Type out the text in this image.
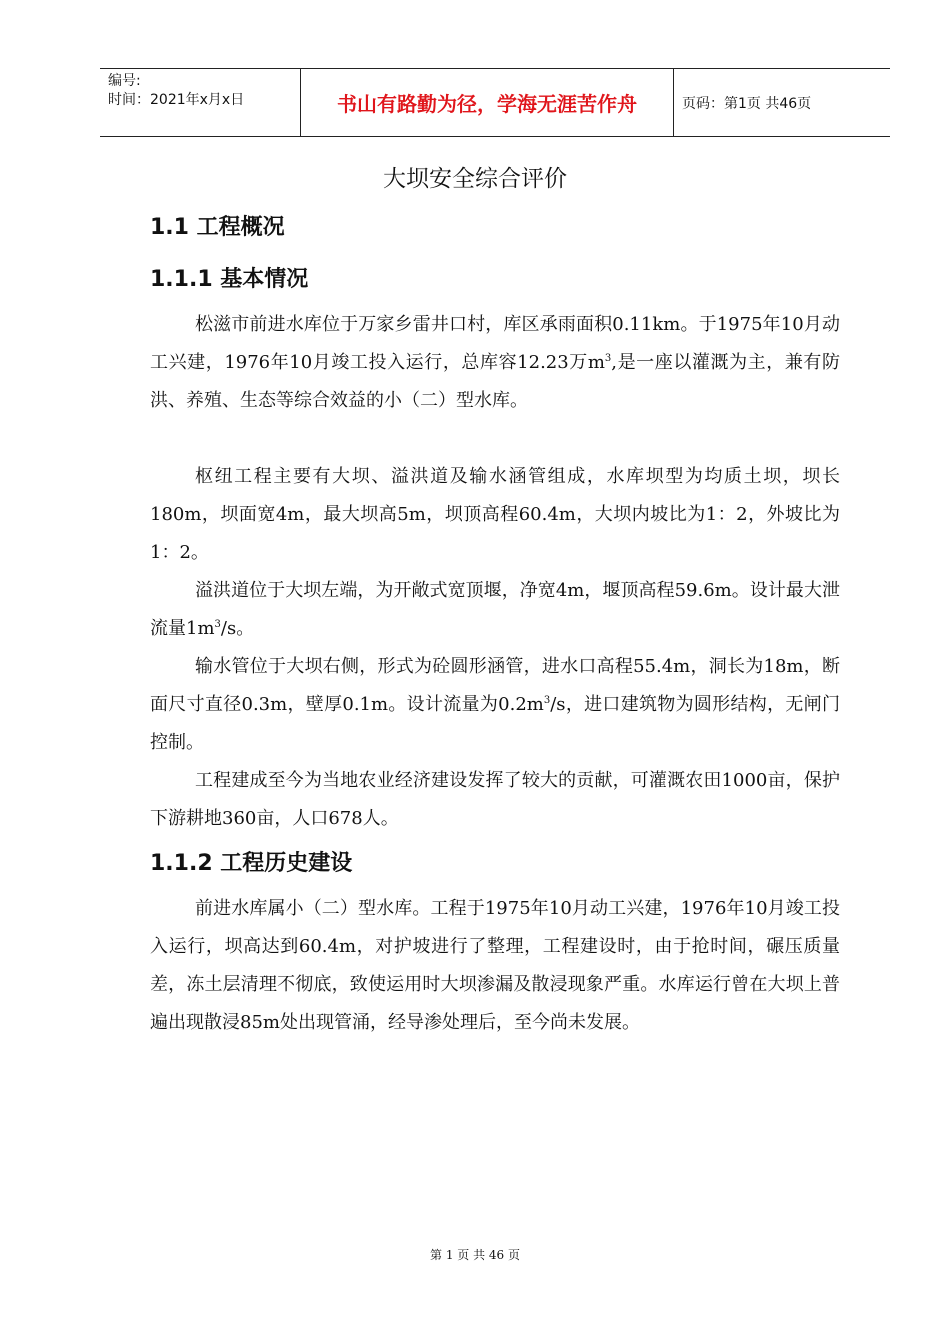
编号:
时间：2021年x月x日	书山有路勤为径，学海无涯苦作舟	页码：第1页 共46页
大坝安全综合评价
1.1 工程概况
1.1.1 基本情况
松滋市前进水库位于万家乡雷井口村，库区承雨面积0.11km。于1975年10月动工兴建，1976年10月竣工投入运行，总库容12.23万$m^3$,是一座以灌溉为主，兼有防洪、养殖、生态等综合效益的小（二）型水库。
枢纽工程主要有大坝、溢洪道及输水涵管组成，水库坝型为均质土坝，坝长180m，坝面宽4m，最大坝高5m，坝顶高程60.4m，大坝内坡比为1：2，外坡比为1：2。
溢洪道位于大坝左端，为开敞式宽顶堰，净宽4m，堰顶高程59.6m。设计最大泄流量$1m^3/s$。
输水管位于大坝右侧，形式为砼圆形涵管，进水口高程55.4m，洞长为18m，断面尺寸直径0.3m，壁厚0.1m。设计流量为$0.2m^3/s$，进口建筑物为圆形结构，无闸门控制。
工程建成至今为当地农业经济建设发挥了较大的贡献，可灌溉农田1000亩，保护下游耕地360亩，人口678人。
1.1.2 工程历史建设
前进水库属小（二）型水库。工程于1975年10月动工兴建，1976年10月竣工投入运行，坝高达到60.4m，对护坡进行了整理，工程建设时，由于抢时间，碾压质量差，冻土层清理不彻底，致使运用时大坝渗漏及散浸现象严重。水库运行曾在大坝上普遍出现散浸85m处出现管涌，经导渗处理后，至今尚未发展。
第 1 页 共 46 页
